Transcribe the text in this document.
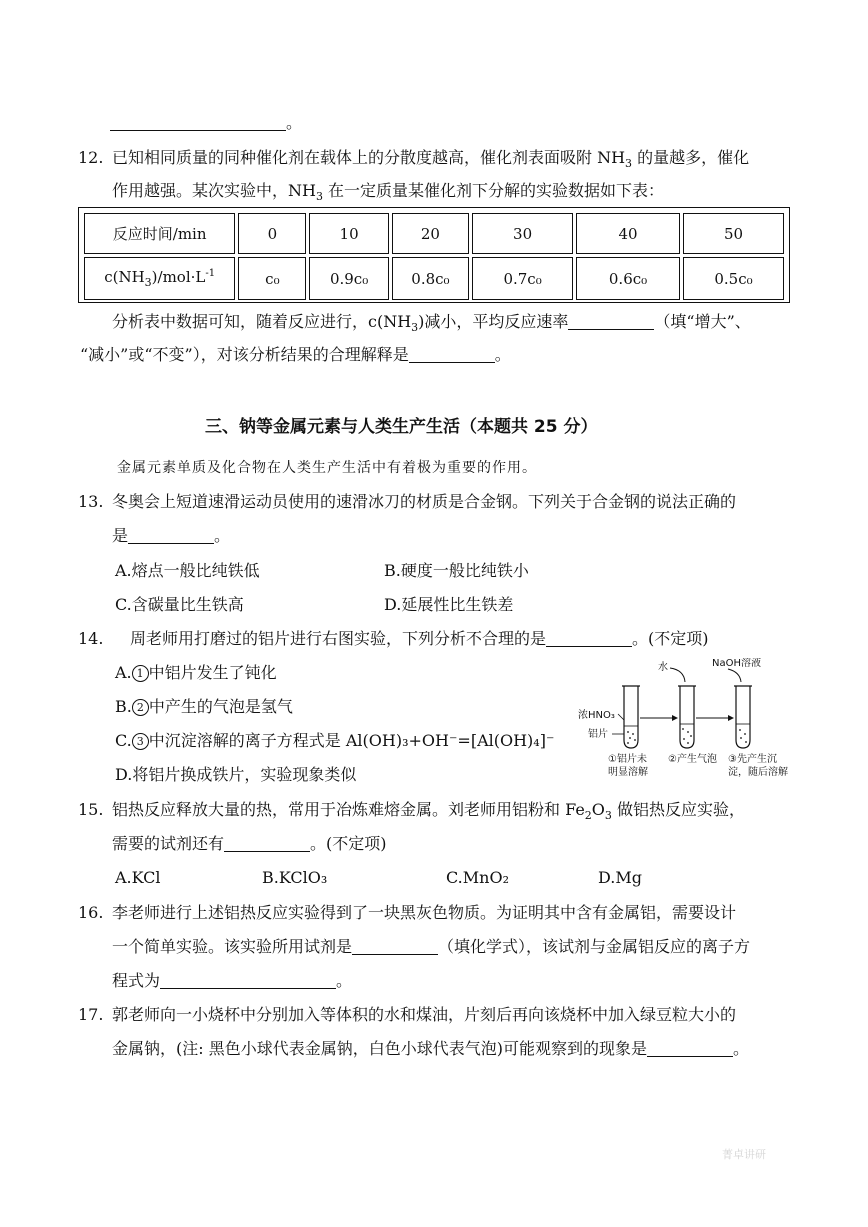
。
12. 已知相同质量的同种催化剂在载体上的分散度越高，催化剂表面吸附 $NH_3$ 的量越多，催化
作用越强。某次实验中，$NH_3$ 在一定质量某催化剂下分解的实验数据如下表：
反应时间/min	0	10	20	30	40	50
$c(NH_3)/mol\cdot L^{-1}$	c₀	0.9c₀	0.8c₀	0.7c₀	0.6c₀	0.5c₀
分析表中数据可知，随着反应进行，$c(NH_3)$减小，平均反应速率	（填“增大”、
“减小”或“不变”），对该分析结果的合理解释是	。
三、钠等金属元素与人类生产生活（本题共 25 分）
金属元素单质及化合物在人类生产生活中有着极为重要的作用。
13. 冬奥会上短道速滑运动员使用的速滑冰刀的材质是合金钢。下列关于合金钢的说法正确的
是	。
A.熔点一般比纯铁低	B.硬度一般比纯铁小
C.含碳量比生铁高	D.延展性比生铁差
14. 周老师用打磨过的铝片进行右图实验，下列分析不合理的是	。(不定项)
A. 1 中铝片发生了钝化
B. 2 中产生的气泡是氢气
C. 3 中沉淀溶解的离子方程式是 Al(OH)₃+OH⁻=[Al(OH)₄]⁻
D.将铝片换成铁片，实验现象类似
水	NaOH溶液
浓HNO₃
铝片
①铝片未
明显溶解
②产生气泡 ③先产生沉
淀，随后溶解
15. 铝热反应释放大量的热，常用于冶炼难熔金属。刘老师用铝粉和 $Fe_2O_3$ 做铝热反应实验，
需要的试剂还有	。(不定项)
A.KCl	B.KClO₃	C.MnO₂	D.Mg
16. 李老师进行上述铝热反应实验得到了一块黑灰色物质。为证明其中含有金属铝，需要设计
一个简单实验。该实验所用试剂是	（填化学式），该试剂与金属铝反应的离子方
程式为	。
17. 郭老师向一小烧杯中分别加入等体积的水和煤油，片刻后再向该烧杯中加入绿豆粒大小的
金属钠，(注: 黑色小球代表金属钠，白色小球代表气泡)可能观察到的现象是	。
菁卓讲研
